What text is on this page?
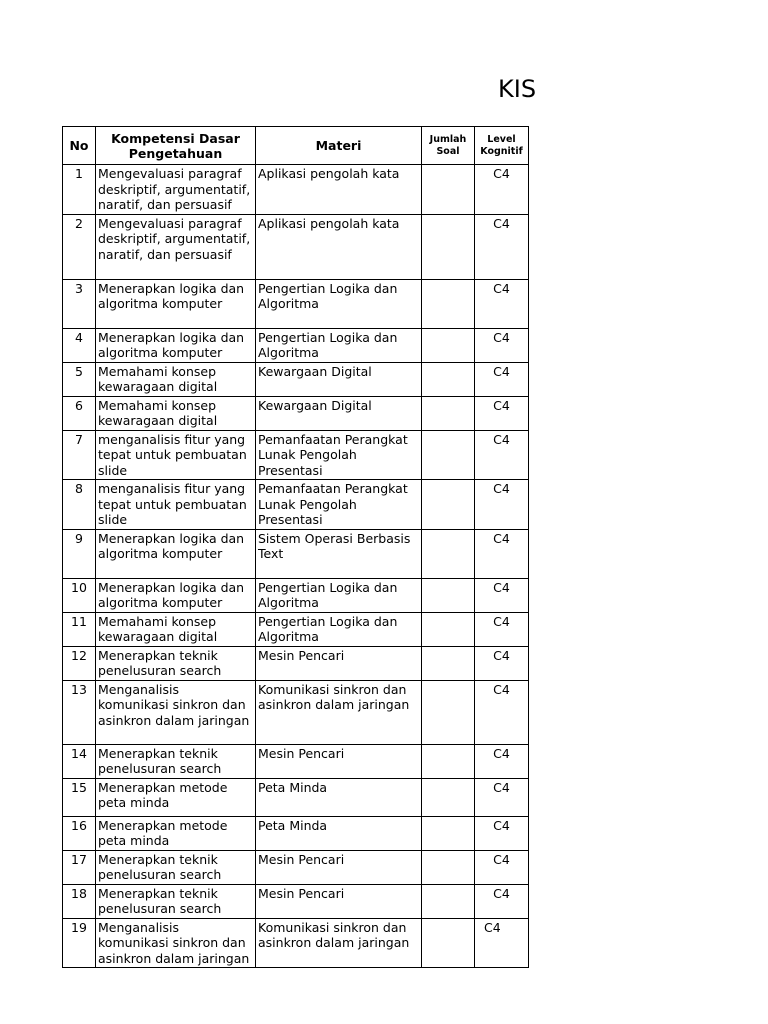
KIS
No	Kompetensi Dasar Pengetahuan	Materi	Jumlah Soal	Level Kognitif
1	Mengevaluasi paragraf deskriptif, argumentatif, naratif, dan persuasif	Aplikasi pengolah kata		C4
2	Mengevaluasi paragraf deskriptif, argumentatif, naratif, dan persuasif	Aplikasi pengolah kata		C4
3	Menerapkan logika dan algoritma komputer	Pengertian Logika dan Algoritma		C4
4	Menerapkan logika dan algoritma komputer	Pengertian Logika dan Algoritma		C4
5	Memahami konsep kewaragaan digital	Kewargaan Digital		C4
6	Memahami konsep kewaragaan digital	Kewargaan Digital		C4
7	menganalisis fitur yang tepat untuk pembuatan slide	Pemanfaatan Perangkat Lunak Pengolah Presentasi		C4
8	menganalisis fitur yang tepat untuk pembuatan slide	Pemanfaatan Perangkat Lunak Pengolah Presentasi		C4
9	Menerapkan logika dan algoritma komputer	Sistem Operasi Berbasis Text		C4
10	Menerapkan logika dan algoritma komputer	Pengertian Logika dan Algoritma		C4
11	Memahami konsep kewaragaan digital	Pengertian Logika dan Algoritma		C4
12	Menerapkan teknik penelusuran search	Mesin Pencari		C4
13	Menganalisis komunikasi sinkron dan asinkron dalam jaringan	Komunikasi sinkron dan asinkron dalam jaringan		C4
14	Menerapkan teknik penelusuran search	Mesin Pencari		C4
15	Menerapkan metode peta minda	Peta Minda		C4
16	Menerapkan metode peta minda	Peta Minda		C4
17	Menerapkan teknik penelusuran search	Mesin Pencari		C4
18	Menerapkan teknik penelusuran search	Mesin Pencari		C4
19	Menganalisis komunikasi sinkron dan asinkron dalam jaringan	Komunikasi sinkron dan asinkron dalam jaringan		C4
